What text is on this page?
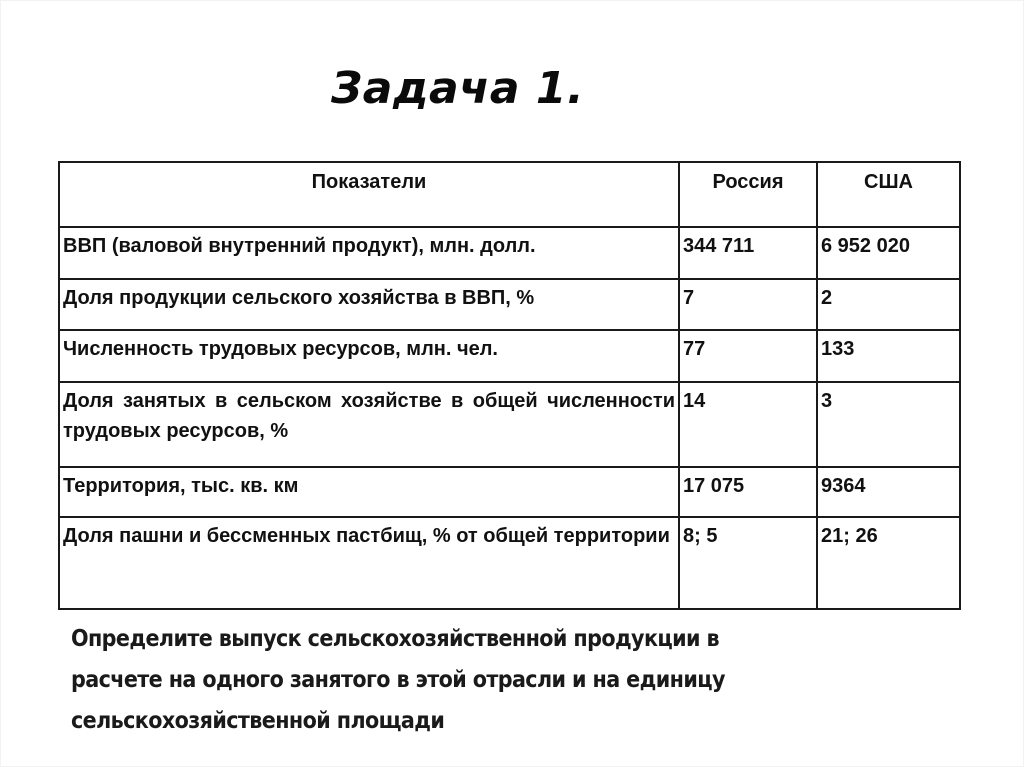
Задача 1.
Показатели	Россия	США
ВВП (валовой внутренний продукт), млн. долл.	344 711	6 952 020
Доля продукции сельского хозяйства в ВВП, %	7	2
Численность трудовых ресурсов, млн. чел.	77	133
Доля занятых в сельском хозяйстве в общей численности трудовых ресурсов, %	14	3
Территория, тыс. кв. км	17 075	9364
Доля пашни и бессменных пастбищ, % от общей территории	8; 5	21; 26
Определите выпуск сельскохозяйственной продукции в
расчете на одного занятого в этой отрасли и на единицу
сельскохозяйственной площади
